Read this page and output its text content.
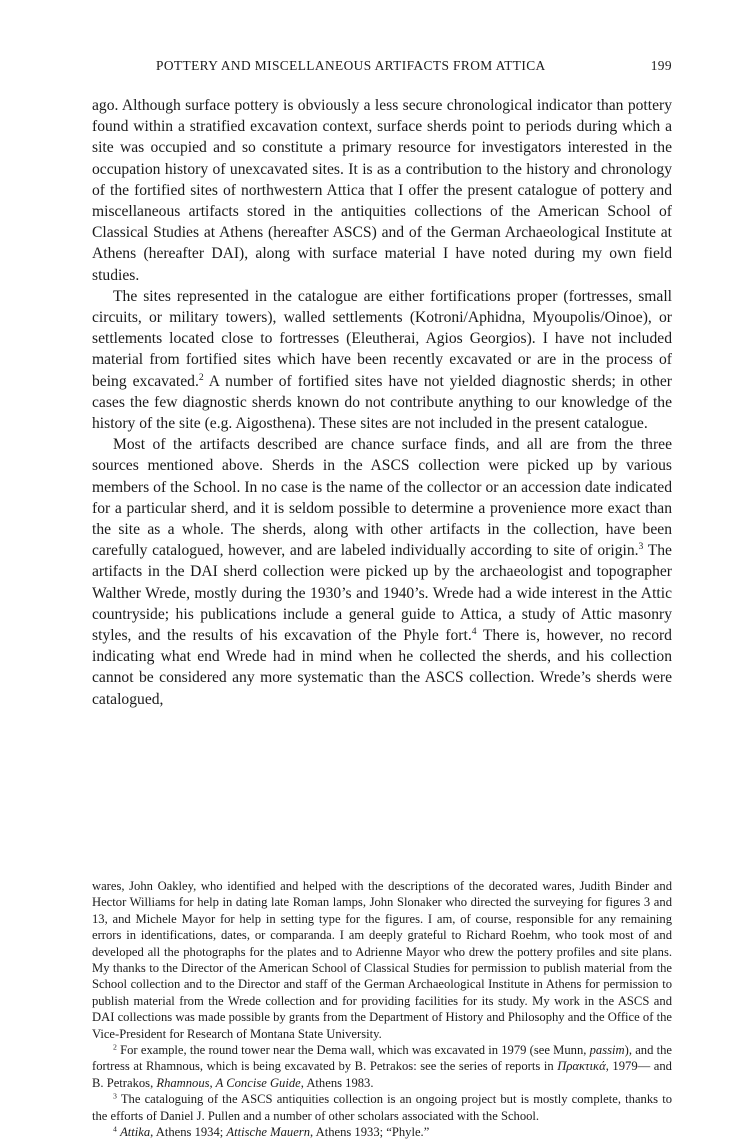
POTTERY AND MISCELLANEOUS ARTIFACTS FROM ATTICA	199

ago. Although surface pottery is obviously a less secure chronological indicator than pottery found within a stratified excavation context, surface sherds point to periods during which a site was occupied and so constitute a primary resource for investigators interested in the occupation history of unexcavated sites. It is as a contribution to the history and chronology of the fortified sites of northwestern Attica that I offer the present catalogue of pottery and miscellaneous artifacts stored in the antiquities collections of the American School of Classical Studies at Athens (hereafter ASCS) and of the German Archaeological Institute at Athens (hereafter DAI), along with surface material I have noted during my own field studies.

The sites represented in the catalogue are either fortifications proper (fortresses, small circuits, or military towers), walled settlements (Kotroni/Aphidna, Myoupolis/Oinoe), or settlements located close to fortresses (Eleutherai, Agios Georgios). I have not included material from fortified sites which have been recently excavated or are in the process of being excavated.$^2$ A number of fortified sites have not yielded diagnostic sherds; in other cases the few diagnostic sherds known do not contribute anything to our knowledge of the history of the site (e.g. Aigosthena). These sites are not included in the present catalogue.

Most of the artifacts described are chance surface finds, and all are from the three sources mentioned above. Sherds in the ASCS collection were picked up by various members of the School. In no case is the name of the collector or an accession date indicated for a particular sherd, and it is seldom possible to determine a provenience more exact than the site as a whole. The sherds, along with other artifacts in the collection, have been carefully catalogued, however, and are labeled individually according to site of origin.$^3$ The artifacts in the DAI sherd collection were picked up by the archaeologist and topographer Walther Wrede, mostly during the 1930’s and 1940’s. Wrede had a wide interest in the Attic countryside; his publications include a general guide to Attica, a study of Attic masonry styles, and the results of his excavation of the Phyle fort.$^4$ There is, however, no record indicating what end Wrede had in mind when he collected the sherds, and his collection cannot be considered any more systematic than the ASCS collection. Wrede’s sherds were catalogued,

wares, John Oakley, who identified and helped with the descriptions of the decorated wares, Judith Binder and Hector Williams for help in dating late Roman lamps, John Slonaker who directed the surveying for figures 3 and 13, and Michele Mayor for help in setting type for the figures. I am, of course, responsible for any remaining errors in identifications, dates, or comparanda. I am deeply grateful to Richard Roehm, who took most of and developed all the photographs for the plates and to Adrienne Mayor who drew the pottery profiles and site plans. My thanks to the Director of the American School of Classical Studies for permission to publish material from the School collection and to the Director and staff of the German Archaeological Institute in Athens for permission to publish material from the Wrede collection and for providing facilities for its study. My work in the ASCS and DAI collections was made possible by grants from the Department of History and Philosophy and the Office of the Vice-President for Research of Montana State University.

$^2$ For example, the round tower near the Dema wall, which was excavated in 1979 (see Munn, passim), and the fortress at Rhamnous, which is being excavated by B. Petrakos: see the series of reports in Πρακτικά, 1979— and B. Petrakos, Rhamnous, A Concise Guide, Athens 1983.

$^3$ The cataloguing of the ASCS antiquities collection is an ongoing project but is mostly complete, thanks to the efforts of Daniel J. Pullen and a number of other scholars associated with the School.

$^4$ Attika, Athens 1934; Attische Mauern, Athens 1933; “Phyle.”
